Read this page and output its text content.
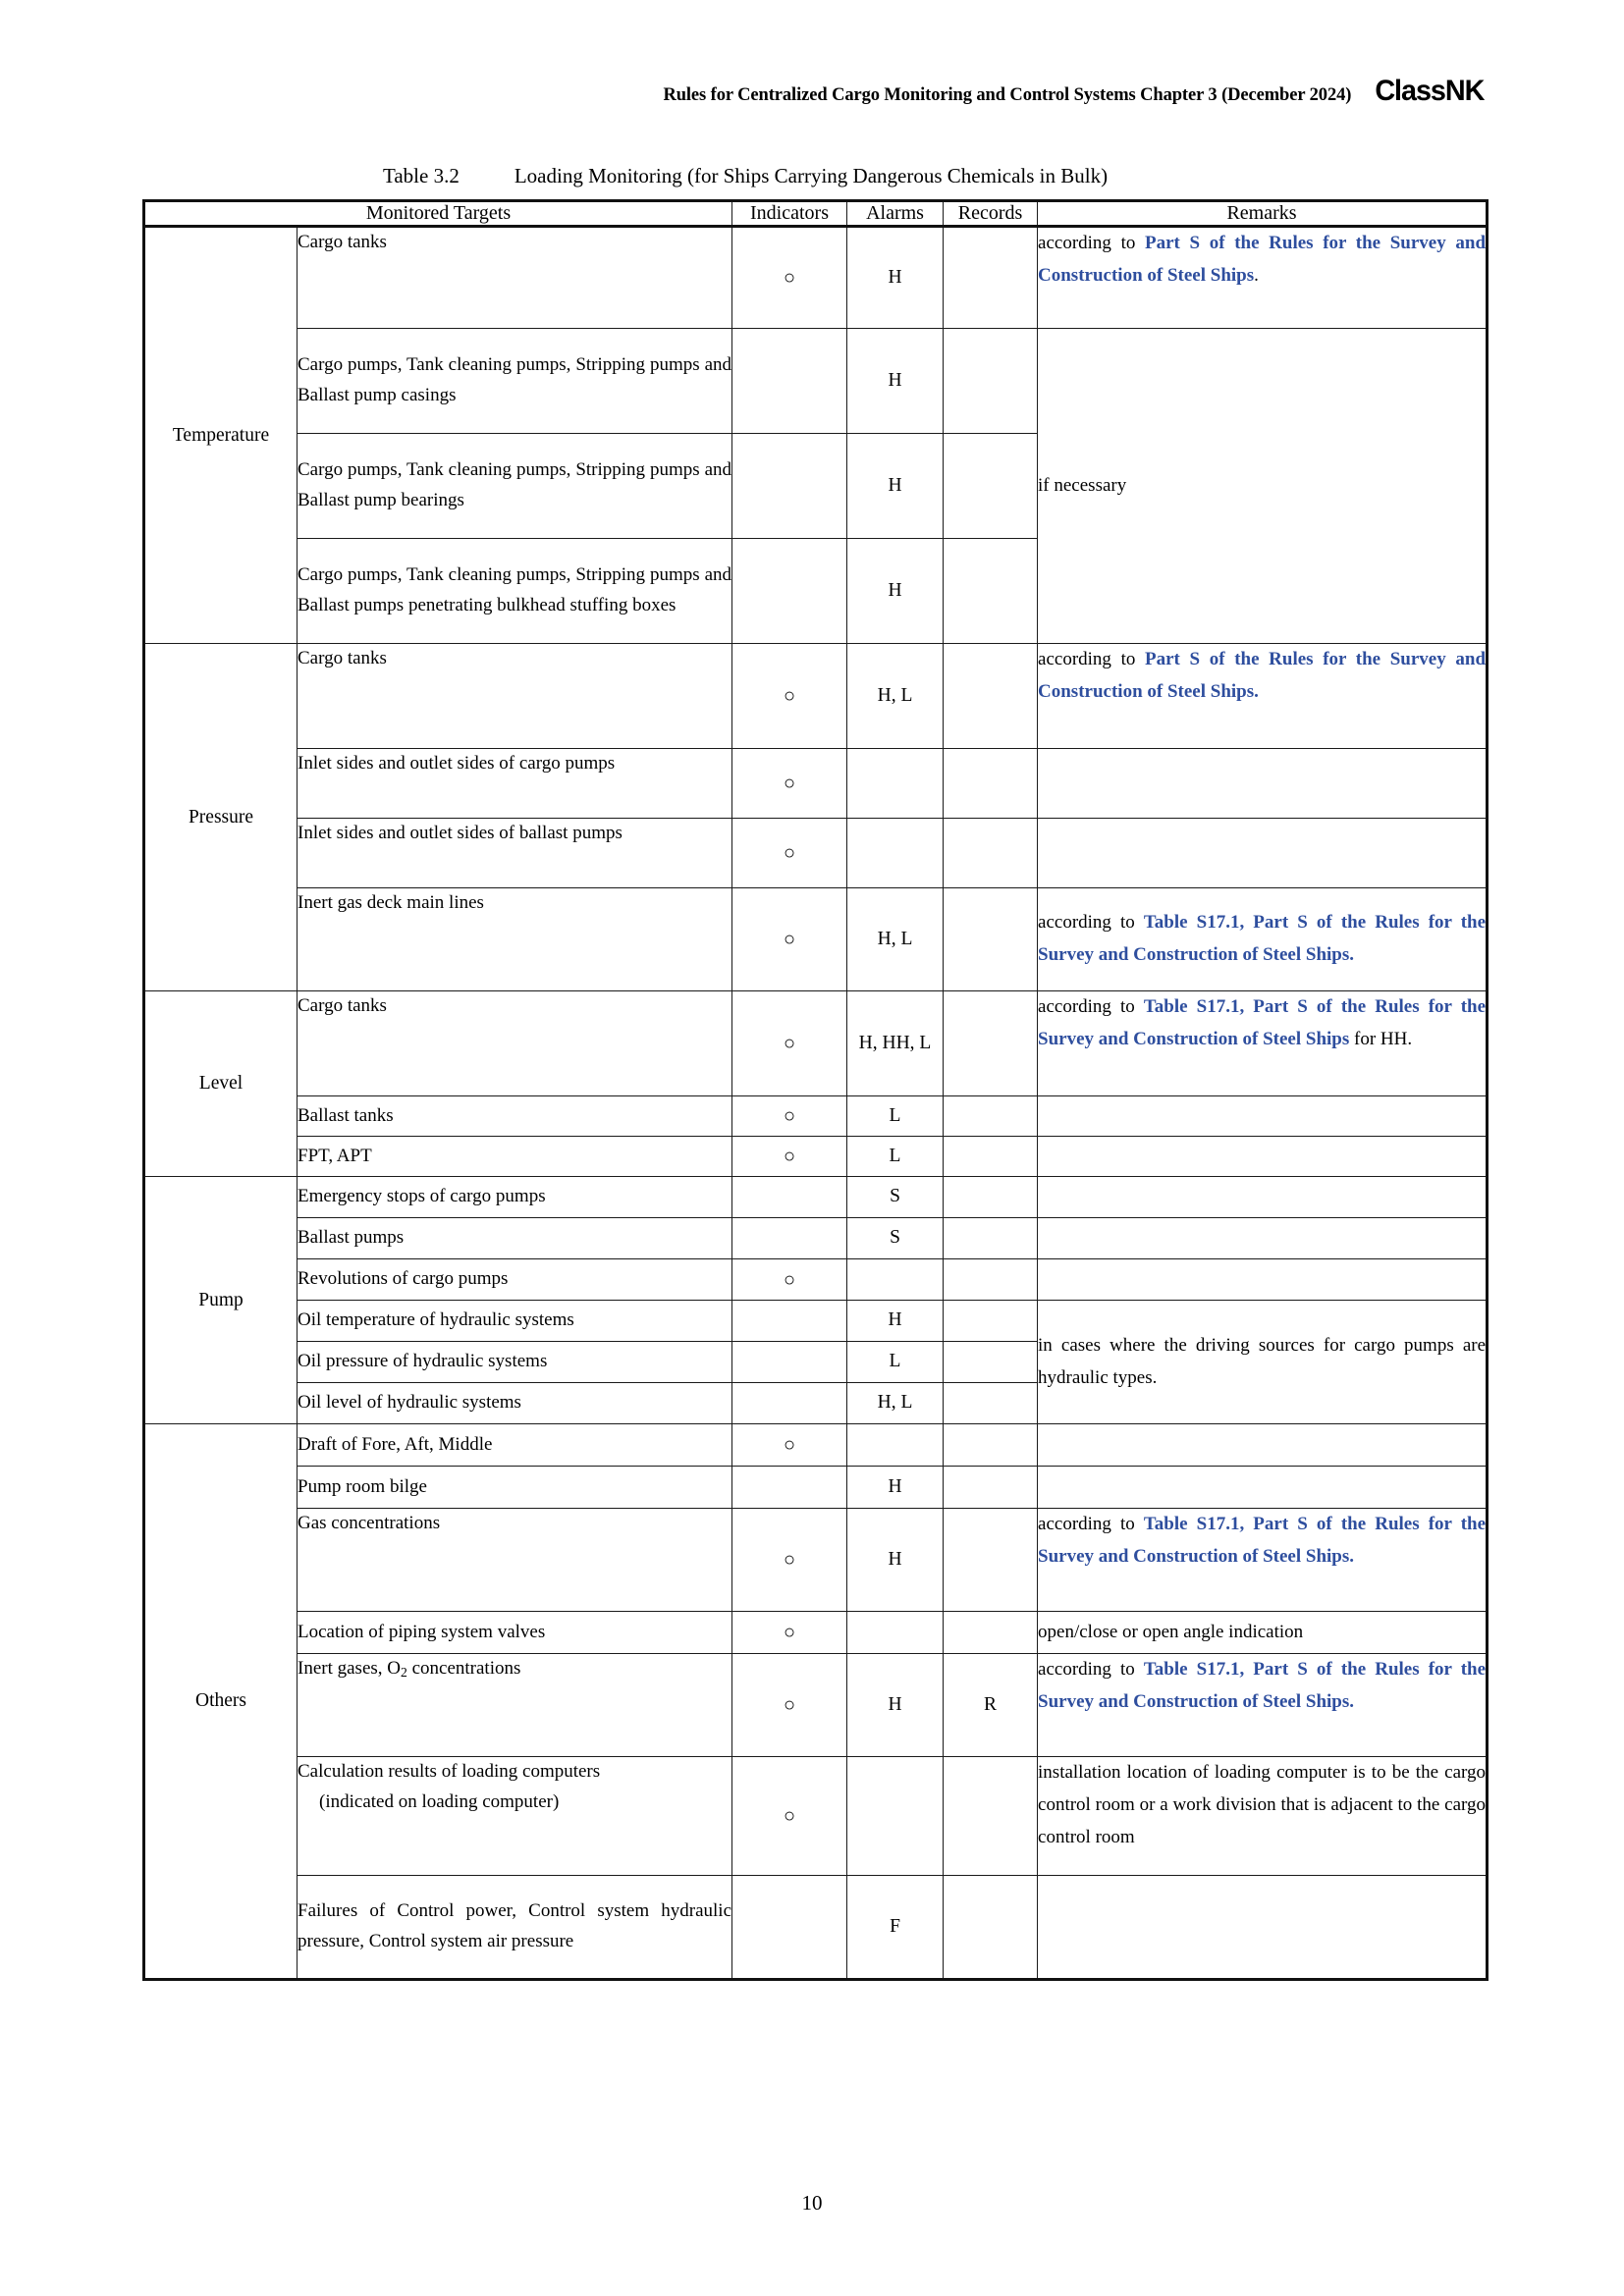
Rules for Centralized Cargo Monitoring and Control Systems Chapter 3 (December 2024) ClassNK
Table 3.2	Loading Monitoring (for Ships Carrying Dangerous Chemicals in Bulk)
Monitored Targets		Indicators	Alarms	Records	Remarks
Temperature	Cargo tanks	○	H		according to Part S of the Rules for the Survey and Construction of Steel Ships.
	Cargo pumps, Tank cleaning pumps, Stripping pumps and Ballast pump casings		H		if necessary
	Cargo pumps, Tank cleaning pumps, Stripping pumps and Ballast pump bearings		H		
	Cargo pumps, Tank cleaning pumps, Stripping pumps and Ballast pumps penetrating bulkhead stuffing boxes		H		
Pressure	Cargo tanks	○	H, L		according to Part S of the Rules for the Survey and Construction of Steel Ships.
	Inlet sides and outlet sides of cargo pumps	○			
	Inlet sides and outlet sides of ballast pumps	○			
	Inert gas deck main lines	○	H, L		according to Table S17.1, Part S of the Rules for the Survey and Construction of Steel Ships.
Level	Cargo tanks	○	H, HH, L		according to Table S17.1, Part S of the Rules for the Survey and Construction of Steel Ships for HH.
	Ballast tanks	○	L		
	FPT, APT	○	L		
Pump	Emergency stops of cargo pumps		S		
	Ballast pumps		S		
	Revolutions of cargo pumps	○			
	Oil temperature of hydraulic systems		H		in cases where the driving sources for cargo pumps are hydraulic types.
	Oil pressure of hydraulic systems		L		
	Oil level of hydraulic systems		H, L		
Others	Draft of Fore, Aft, Middle	○			
	Pump room bilge		H		
	Gas concentrations	○	H		according to Table S17.1, Part S of the Rules for the Survey and Construction of Steel Ships.
	Location of piping system valves	○			open/close or open angle indication
	Inert gases, $O_2$ concentrations	○	H	R	according to Table S17.1, Part S of the Rules for the Survey and Construction of Steel Ships.
	Calculation results of loading computers
(indicated on loading computer)	○			installation location of loading computer is to be the cargo control room or a work division that is adjacent to the cargo control room
	Failures of Control power, Control system hydraulic pressure, Control system air pressure		F		
10
